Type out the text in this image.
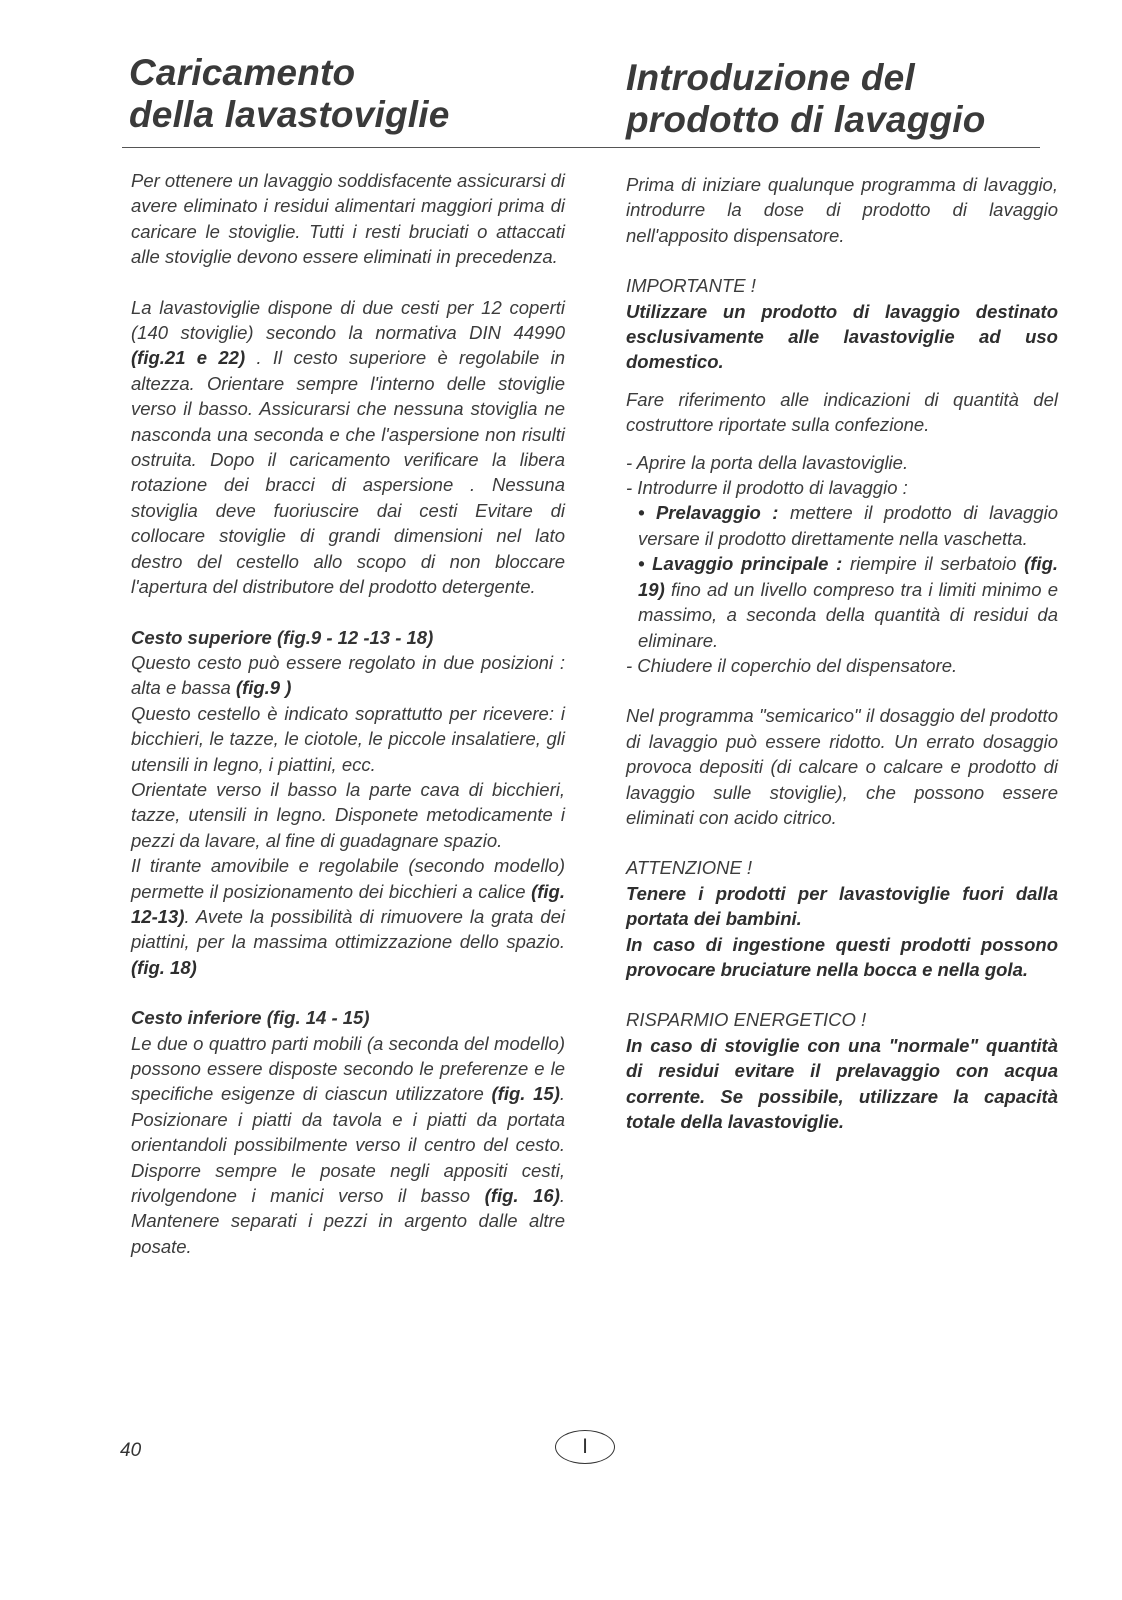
Caricamento
della lavastoviglie
Introduzione del
prodotto di lavaggio

Per ottenere un lavaggio soddisfacente assicurarsi di avere eliminato i residui alimentari maggiori prima di caricare le stoviglie. Tutti i resti bruciati o attaccati alle stoviglie devono essere eliminati in precedenza.

La lavastoviglie dispone di due cesti per 12 coperti (140 stoviglie) secondo la normativa DIN 44990 (fig.21 e 22) . Il cesto superiore è regolabile in altezza. Orientare sempre l'interno delle stoviglie verso il basso. Assicurarsi che nessuna stoviglia ne nasconda una seconda e che l'aspersione non risulti ostruita. Dopo il caricamento verificare la libera rotazione dei bracci di aspersione . Nessuna stoviglia deve fuoriuscire dai cesti Evitare di collocare stoviglie di grandi dimensioni nel lato destro del cestello allo scopo di non bloccare l'apertura del distributore del prodotto detergente.

Cesto superiore (fig.9 - 12 -13 - 18)

Questo cesto può essere regolato in due posizioni : alta e bassa (fig.9 )

Questo cestello è indicato soprattutto per ricevere: i bicchieri, le tazze, le ciotole, le piccole insalatiere, gli utensili in legno, i piattini, ecc.

Orientate verso il basso la parte cava di bicchieri, tazze, utensili in legno. Disponete metodicamente i pezzi da lavare, al fine di guadagnare spazio.

Il tirante amovibile e regolabile (secondo modello) permette il posizionamento dei bicchieri a calice (fig. 12-13). Avete la possibilità di rimuovere la grata dei piattini, per la massima ottimizzazione dello spazio. (fig. 18)

Cesto inferiore (fig. 14 - 15)

Le due o quattro parti mobili (a seconda del modello) possono essere disposte secondo le preferenze e le specifiche esigenze di ciascun utilizzatore (fig. 15). Posizionare i piatti da tavola e i piatti da portata orientandoli possibilmente verso il centro del cesto. Disporre sempre le posate negli appositi cesti, rivolgendone i manici verso il basso (fig. 16). Mantenere separati i pezzi in argento dalle altre posate.

Prima di iniziare qualunque programma di lavaggio, introdurre la dose di prodotto di lavaggio nell'apposito dispensatore.

IMPORTANTE !

Utilizzare un prodotto di lavaggio destinato esclusivamente alle lavastoviglie ad uso domestico.

Fare riferimento alle indicazioni di quantità del costruttore riportate sulla confezione.

- Aprire la porta della lavastoviglie.

- Introdurre il prodotto di lavaggio :

• Prelavaggio : mettere il prodotto di lavaggio versare il prodotto direttamente nella vaschetta.

• Lavaggio principale : riempire il serbatoio (fig. 19) fino ad un livello compreso tra i limiti minimo e massimo, a seconda della quantità di residui da eliminare.

- Chiudere il coperchio del dispensatore.

Nel programma "semicarico" il dosaggio del prodotto di lavaggio può essere ridotto. Un errato dosaggio provoca depositi (di calcare o calcare e prodotto di lavaggio sulle stoviglie), che possono essere eliminati con acido citrico.

ATTENZIONE !

Tenere i prodotti per lavastoviglie fuori dalla portata dei bambini.

In caso di ingestione questi prodotti possono provocare bruciature nella bocca e nella gola.

RISPARMIO ENERGETICO !

In caso di stoviglie con una "normale" quantità di residui evitare il prelavaggio con acqua corrente. Se possibile, utilizzare la capacità totale della lavastoviglie.

40	I
